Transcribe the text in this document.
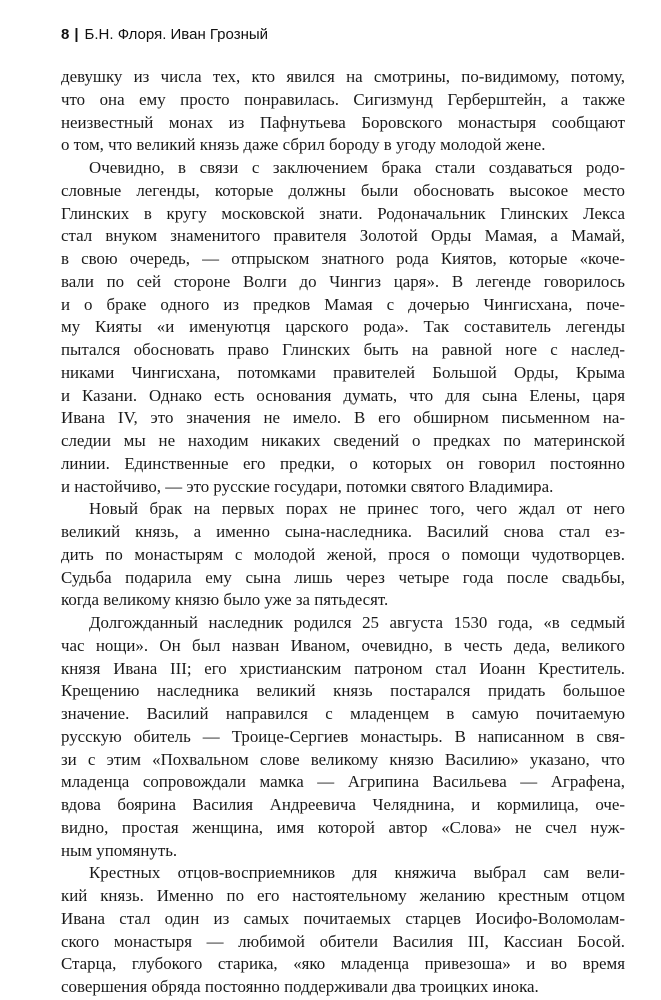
8 | Б.Н. Флоря. Иван Грозный

девушку из числа тех, кто явился на смотрины, по-видимому, потому,
что она ему просто понравилась. Сигизмунд Герберштейн, а также
неизвестный монах из Пафнутьева Боровского монастыря сообщают
о том, что великий князь даже сбрил бороду в угоду молодой жене.

Очевидно, в связи с заключением брака стали создаваться родо-
словные легенды, которые должны были обосновать высокое место
Глинских в кругу московской знати. Родоначальник Глинских Лекса
стал внуком знаменитого правителя Золотой Орды Мамая, а Мамай,
в свою очередь, — отпрыском знатного рода Киятов, которые «коче-
вали по сей стороне Волги до Чингиз царя». В легенде говорилось
и о браке одного из предков Мамая с дочерью Чингисхана, поче-
му Кияты «и именуютця царского рода». Так составитель легенды
пытался обосновать право Глинских быть на равной ноге с наслед-
никами Чингисхана, потомками правителей Большой Орды, Крыма
и Казани. Однако есть основания думать, что для сына Елены, царя
Ивана IV, это значения не имело. В его обширном письменном на-
следии мы не находим никаких сведений о предках по материнской
линии. Единственные его предки, о которых он говорил постоянно
и настойчиво, — это русские государи, потомки святого Владимира.

Новый брак на первых порах не принес того, чего ждал от него
великий князь, а именно сына-наследника. Василий снова стал ез-
дить по монастырям с молодой женой, прося о помощи чудотворцев.
Судьба подарила ему сына лишь через четыре года после свадьбы,
когда великому князю было уже за пятьдесят.

Долгожданный наследник родился 25 августа 1530 года, «в седмый
час нощи». Он был назван Иваном, очевидно, в честь деда, великого
князя Ивана III; его христианским патроном стал Иоанн Креститель.
Крещению наследника великий князь постарался придать большое
значение. Василий направился с младенцем в самую почитаемую
русскую обитель — Троице-Сергиев монастырь. В написанном в свя-
зи с этим «Похвальном слове великому князю Василию» указано, что
младенца сопровождали мамка — Агрипина Васильева — Аграфена,
вдова боярина Василия Андреевича Челяднина, и кормилица, оче-
видно, простая женщина, имя которой автор «Слова» не счел нуж-
ным упомянуть.

Крестных отцов-восприемников для княжича выбрал сам вели-
кий князь. Именно по его настоятельному желанию крестным отцом
Ивана стал один из самых почитаемых старцев Иосифо-Воломолам-
ского монастыря — любимой обители Василия III, Кассиан Босой.
Старца, глубокого старика, «яко младенца привезоша» и во время
совершения обряда постоянно поддерживали два троицких инока.
